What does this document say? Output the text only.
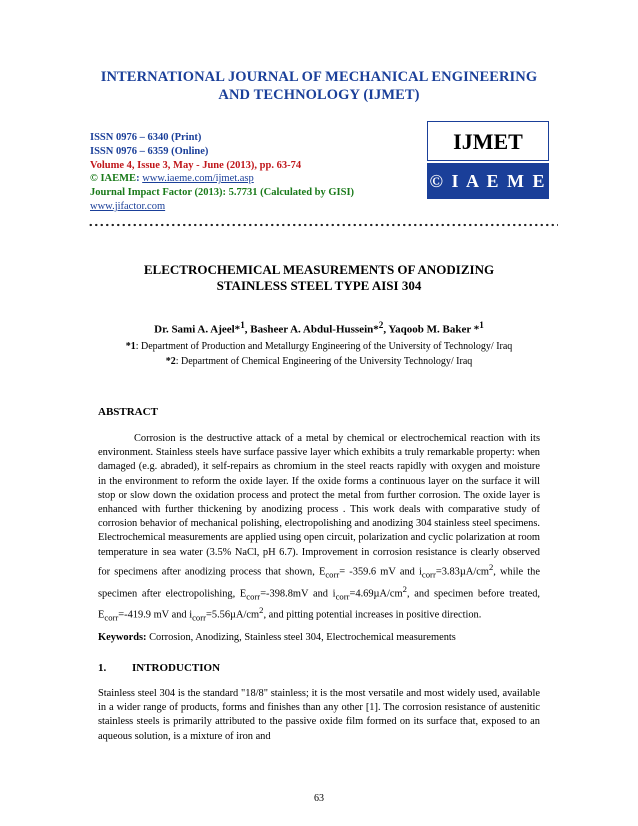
INTERNATIONAL JOURNAL OF MECHANICAL ENGINEERING
AND TECHNOLOGY (IJMET)
ISSN 0976 – 6340 (Print)
ISSN 0976 – 6359 (Online)
Volume 4, Issue 3, May - June (2013), pp. 63-74
© IAEME: www.iaeme.com/ijmet.asp
Journal Impact Factor (2013): 5.7731 (Calculated by GISI)
www.jifactor.com
IJMET
© I A E M E
ELECTROCHEMICAL MEASUREMENTS OF ANODIZING
STAINLESS STEEL TYPE AISI 304
Dr. Sami A. Ajeel*$^1$, Basheer A. Abdul-Hussein*$^2$, Yaqoob M. Baker *$^1$
*1: Department of Production and Metallurgy Engineering of the University of Technology/ Iraq
*2: Department of Chemical Engineering of the University Technology/ Iraq
ABSTRACT
Corrosion is the destructive attack of a metal by chemical or electrochemical reaction with its environment. Stainless steels have surface passive layer which exhibits a truly remarkable property: when damaged (e.g. abraded), it self-repairs as chromium in the steel reacts rapidly with oxygen and moisture in the environment to reform the oxide layer. If the oxide forms a continuous layer on the surface it will stop or slow down the oxidation process and protect the metal from further corrosion. The oxide layer is enhanced with further thickening by anodizing process . This work deals with comparative study of corrosion behavior of mechanical polishing, electropolishing and anodizing 304 stainless steel specimens. Electrochemical measurements are applied using open circuit, polarization and cyclic polarization at room temperature in sea water (3.5% NaCl, pH 6.7). Improvement in corrosion resistance is clearly observed for specimens after anodizing process that shown, $E_{corr}= -359.6$ mV and $i_{corr}=3.83\mu A/cm^2$, while the specimen after electropolishing, $E_{corr}=-398.8mV$ and $i_{corr}=4.69\mu A/cm^2$, and specimen before treated, $E_{corr}=-419.9$ mV and $i_{corr}=5.56\mu A/cm^2$, and pitting potential increases in positive direction.
Keywords: Corrosion, Anodizing, Stainless steel 304, Electrochemical measurements
1. INTRODUCTION
Stainless steel 304 is the standard "18/8" stainless; it is the most versatile and most widely used, available in a wider range of products, forms and finishes than any other [1]. The corrosion resistance of austenitic stainless steels is primarily attributed to the passive oxide film formed on its surface that, exposed to an aqueous solution, is a mixture of iron and
63
